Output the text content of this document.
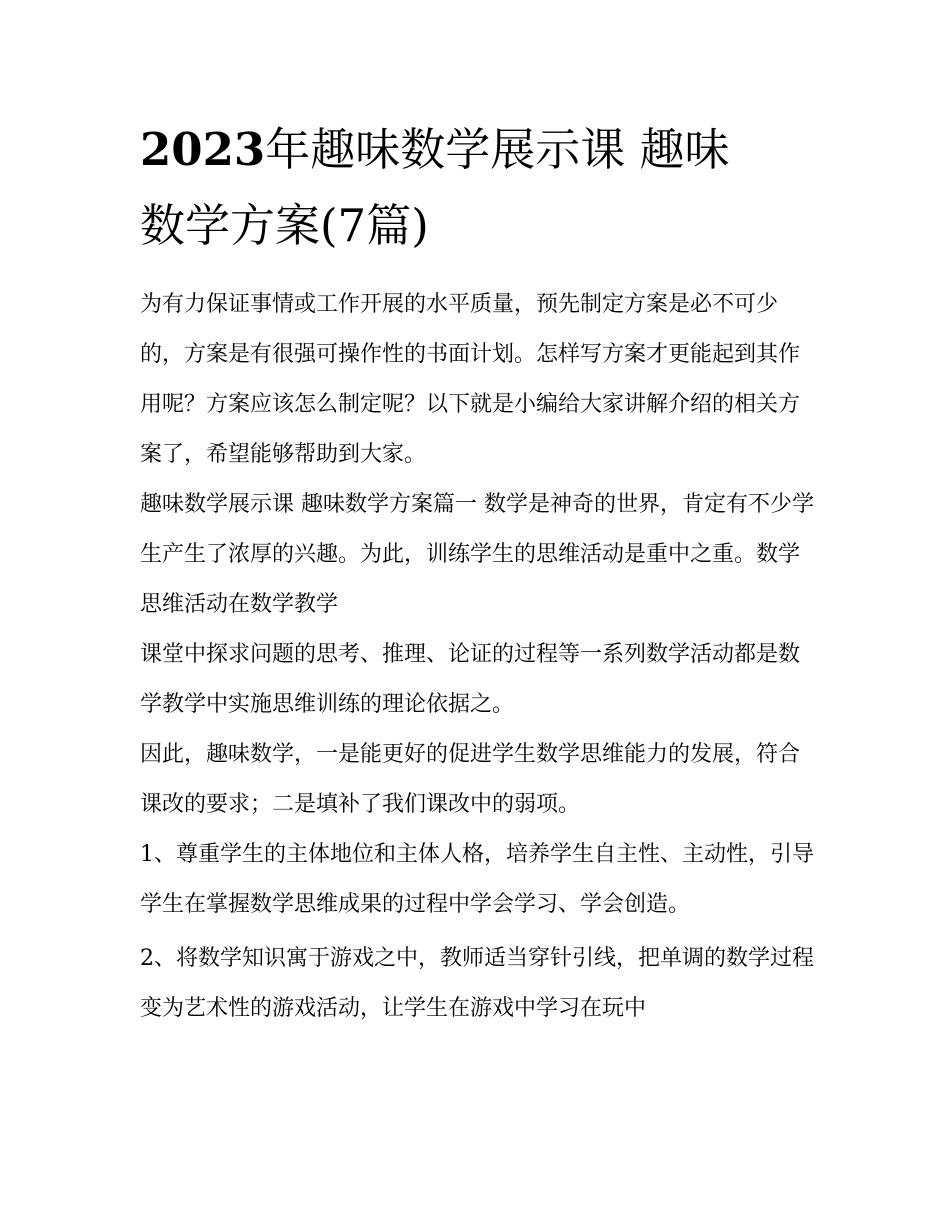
2023年趣味数学展示课 趣味
数学方案(7篇)

为有力保证事情或工作开展的水平质量，预先制定方案是必不可少的，方案是有很强可操作性的书面计划。怎样写方案才更能起到其作用呢？方案应该怎么制定呢？以下就是小编给大家讲解介绍的相关方案了，希望能够帮助到大家。

趣味数学展示课 趣味数学方案篇一 数学是神奇的世界，肯定有不少学生产生了浓厚的兴趣。为此，训练学生的思维活动是重中之重。数学思维活动在数学教学

课堂中探求问题的思考、推理、论证的过程等一系列数学活动都是数学教学中实施思维训练的理论依据之。

因此，趣味数学，一是能更好的促进学生数学思维能力的发展，符合课改的要求；二是填补了我们课改中的弱项。

1、尊重学生的主体地位和主体人格，培养学生自主性、主动性，引导学生在掌握数学思维成果的过程中学会学习、学会创造。

2、将数学知识寓于游戏之中，教师适当穿针引线，把单调的数学过程变为艺术性的游戏活动，让学生在游戏中学习在玩中
